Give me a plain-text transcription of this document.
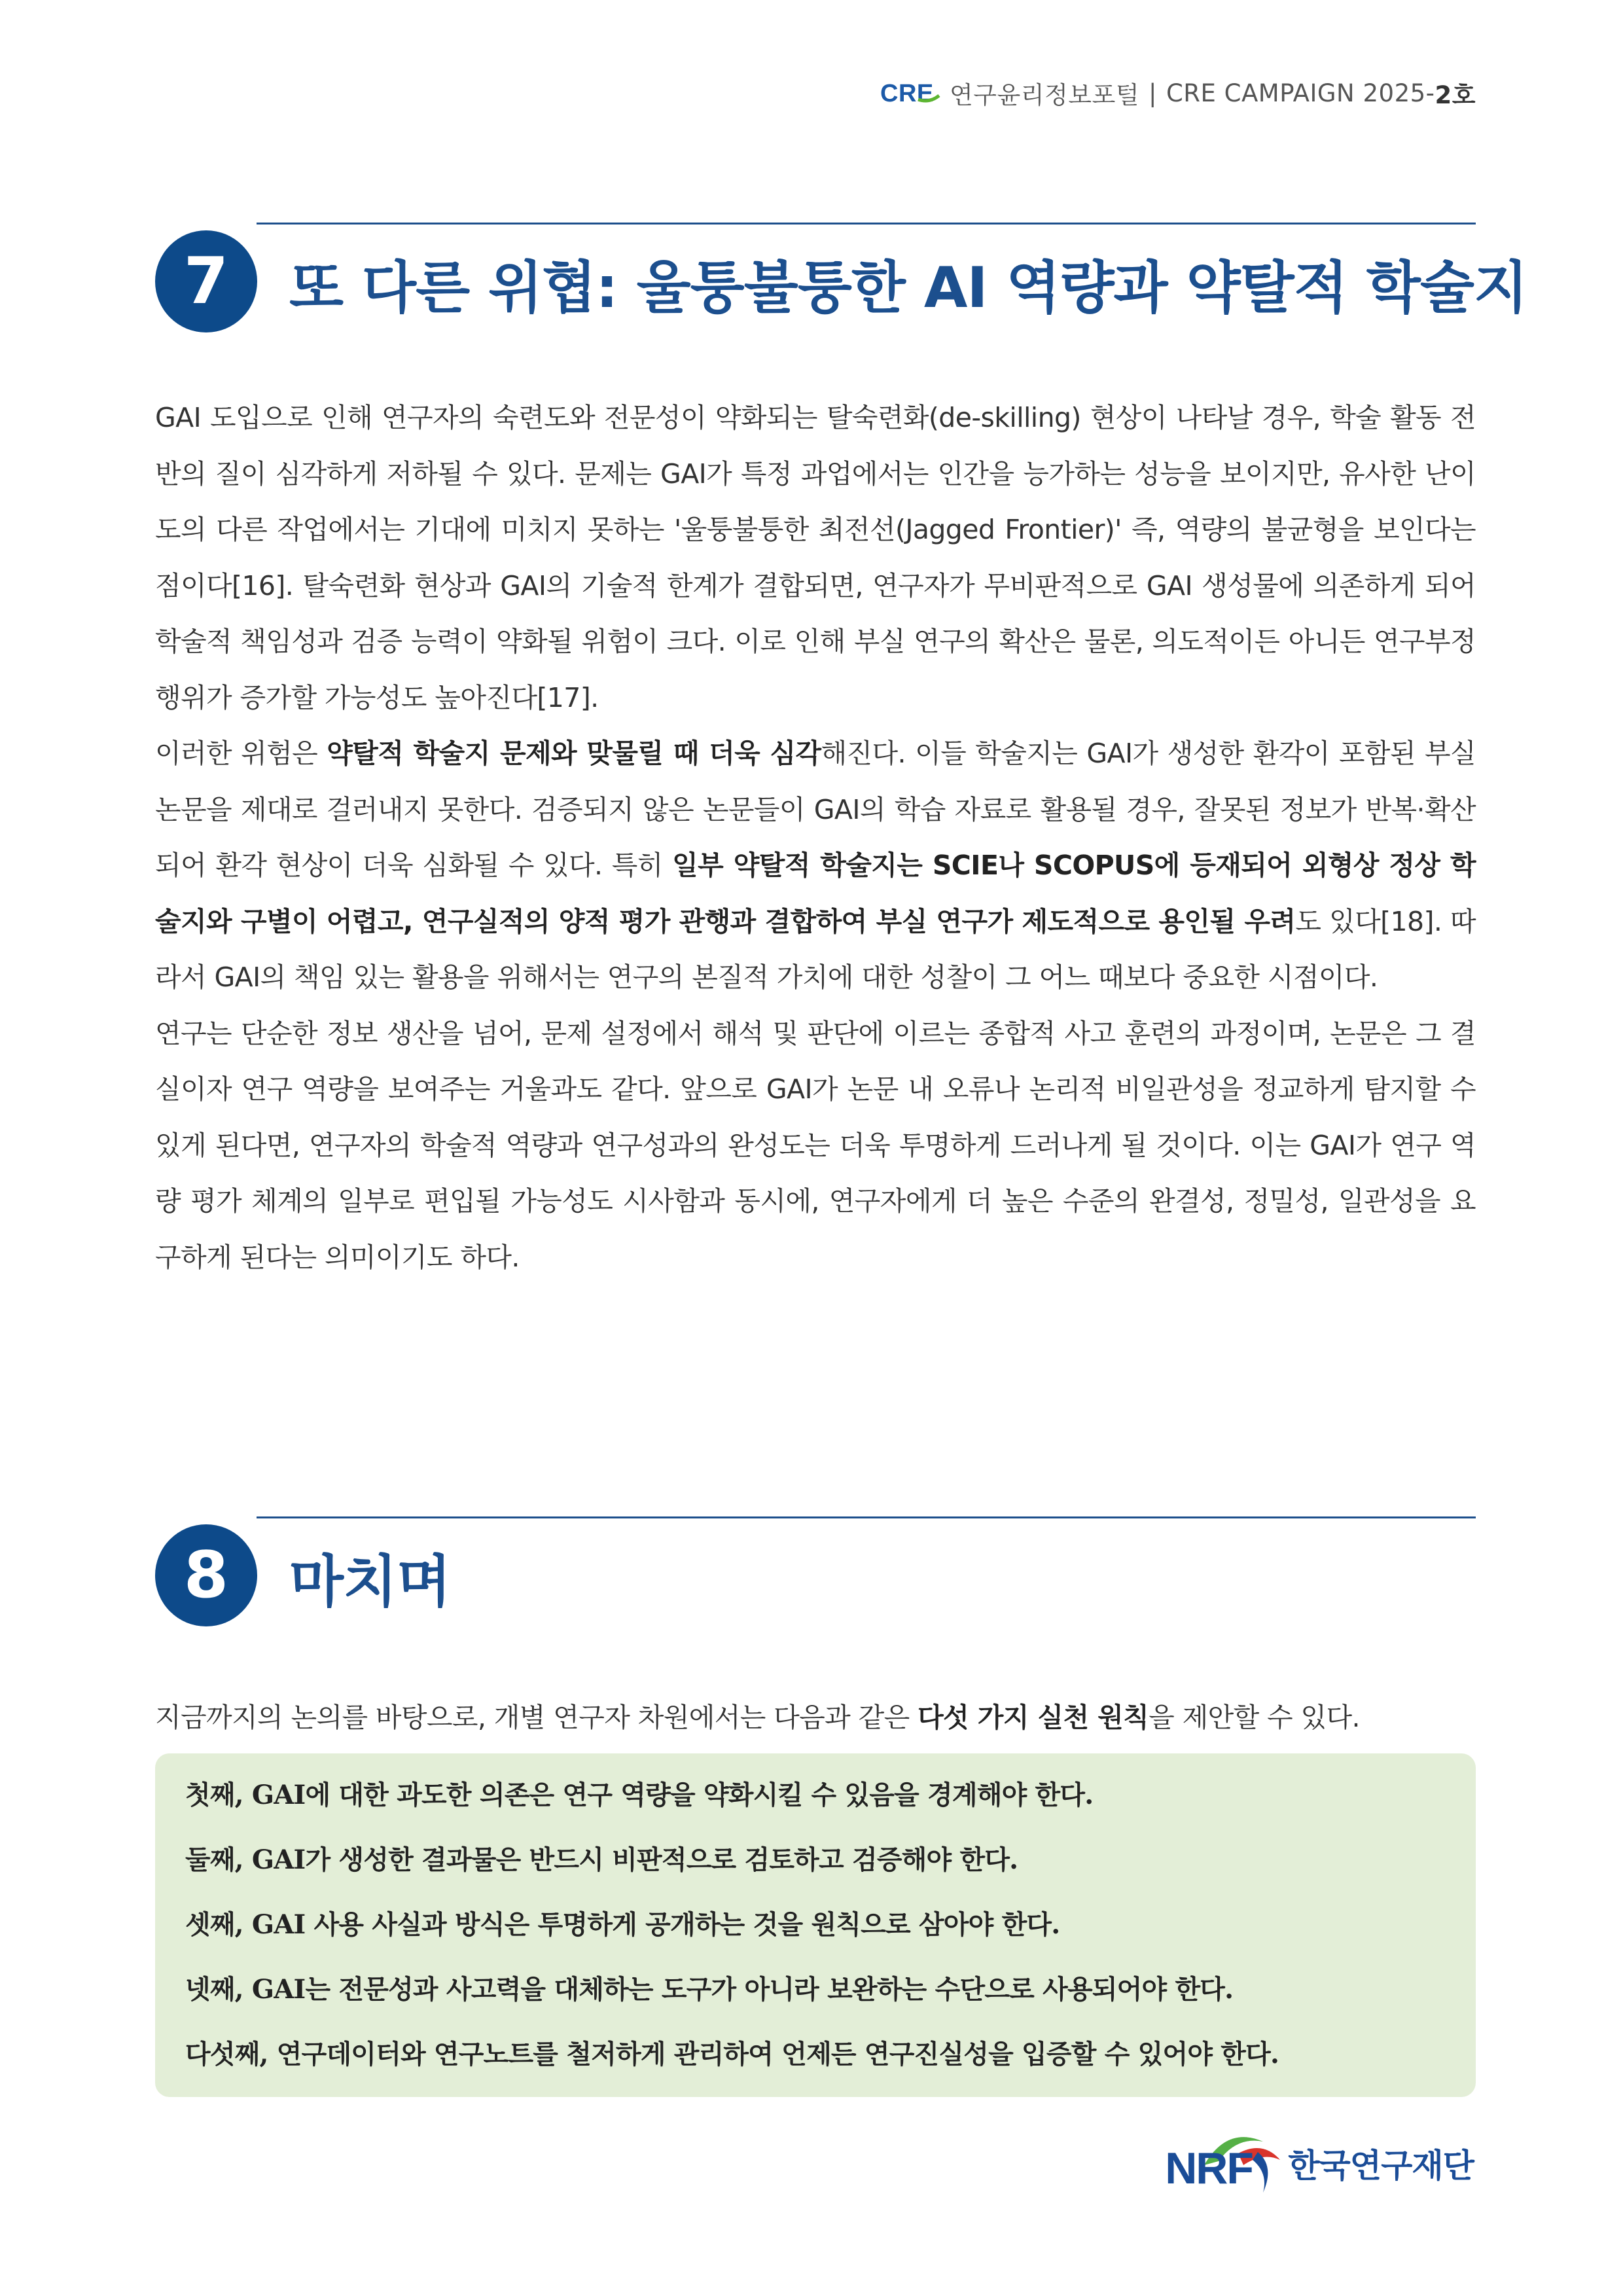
CRE 연구윤리정보포털 | CRE CAMPAIGN 2025- 2호
7	또 다른 위협: 울퉁불퉁한 AI 역량과 약탈적 학술지

GAI 도입으로 인해 연구자의 숙련도와 전문성이 약화되는 탈숙련화(de-skilling) 현상이 나타날 경우, 학술 활동 전반의 질이 심각하게 저하될 수 있다. 문제는 GAI가 특정 과업에서는 인간을 능가하는 성능을 보이지만, 유사한 난이도의 다른 작업에서는 기대에 미치지 못하는 '울퉁불퉁한 최전선(Jagged Frontier)' 즉, 역량의 불균형을 보인다는 점이다[16]. 탈숙련화 현상과 GAI의 기술적 한계가 결합되면, 연구자가 무비판적으로 GAI 생성물에 의존하게 되어 학술적 책임성과 검증 능력이 약화될 위험이 크다. 이로 인해 부실 연구의 확산은 물론, 의도적이든 아니든 연구부정행위가 증가할 가능성도 높아진다[17].

이러한 위험은 약탈적 학술지 문제와 맞물릴 때 더욱 심각해진다. 이들 학술지는 GAI가 생성한 환각이 포함된 부실 논문을 제대로 걸러내지 못한다. 검증되지 않은 논문들이 GAI의 학습 자료로 활용될 경우, 잘못된 정보가 반복·확산되어 환각 현상이 더욱 심화될 수 있다. 특히 일부 약탈적 학술지는 SCIE나 SCOPUS에 등재되어 외형상 정상 학술지와 구별이 어렵고, 연구실적의 양적 평가 관행과 결합하여 부실 연구가 제도적으로 용인될 우려도 있다[18]. 따라서 GAI의 책임 있는 활용을 위해서는 연구의 본질적 가치에 대한 성찰이 그 어느 때보다 중요한 시점이다.

연구는 단순한 정보 생산을 넘어, 문제 설정에서 해석 및 판단에 이르는 종합적 사고 훈련의 과정이며, 논문은 그 결실이자 연구 역량을 보여주는 거울과도 같다. 앞으로 GAI가 논문 내 오류나 논리적 비일관성을 정교하게 탐지할 수 있게 된다면, 연구자의 학술적 역량과 연구성과의 완성도는 더욱 투명하게 드러나게 될 것이다. 이는 GAI가 연구 역량 평가 체계의 일부로 편입될 가능성도 시사함과 동시에, 연구자에게 더 높은 수준의 완결성, 정밀성, 일관성을 요구하게 된다는 의미이기도 하다.

8	마치며
지금까지의 논의를 바탕으로, 개별 연구자 차원에서는 다음과 같은 다섯 가지 실천 원칙을 제안할 수 있다.
첫째, GAI에 대한 과도한 의존은 연구 역량을 약화시킬 수 있음을 경계해야 한다.
둘째, GAI가 생성한 결과물은 반드시 비판적으로 검토하고 검증해야 한다.
셋째, GAI 사용 사실과 방식은 투명하게 공개하는 것을 원칙으로 삼아야 한다.
넷째, GAI는 전문성과 사고력을 대체하는 도구가 아니라 보완하는 수단으로 사용되어야 한다.
다섯째, 연구데이터와 연구노트를 철저하게 관리하여 언제든 연구진실성을 입증할 수 있어야 한다.
NRF 한국연구재단
